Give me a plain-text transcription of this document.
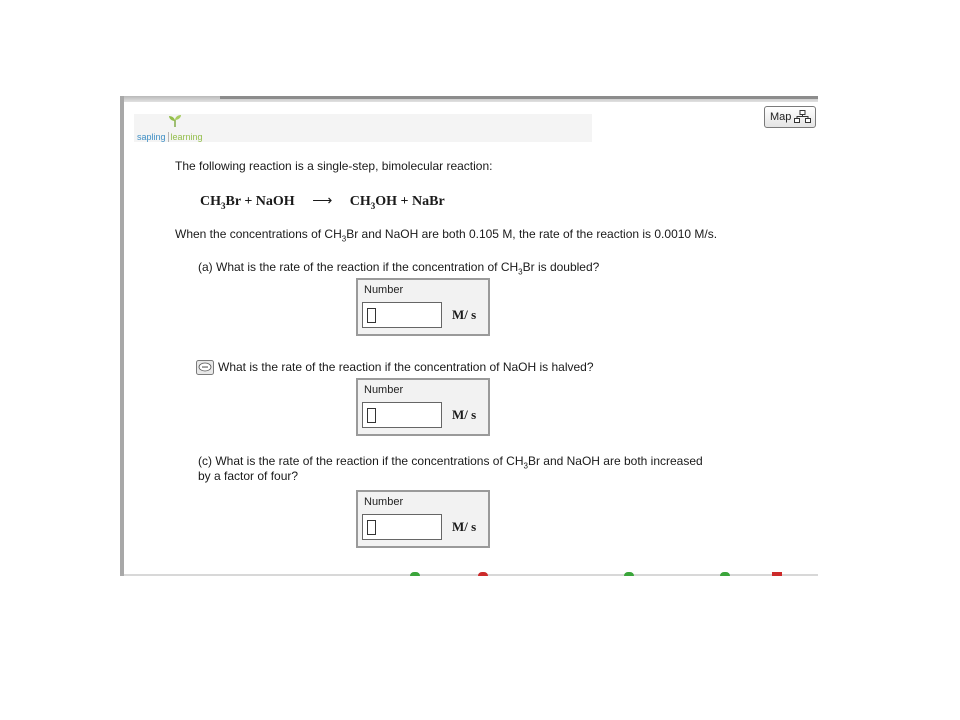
sapling learning
Map
The following reaction is a single-step, bimolecular reaction:
$CH_3Br$ + NaOH ⟶ $CH_3OH$ + NaBr
When the concentrations of $CH_3Br$ and NaOH are both 0.105 M, the rate of the reaction is 0.0010 M/s.
(a) What is the rate of the reaction if the concentration of $CH_3Br$ is doubled?
Number
M/ s
What is the rate of the reaction if the concentration of NaOH is halved?
Number
M/ s
(c) What is the rate of the reaction if the concentrations of $CH_3Br$ and NaOH are both increased
by a factor of four?
Number
M/ s
